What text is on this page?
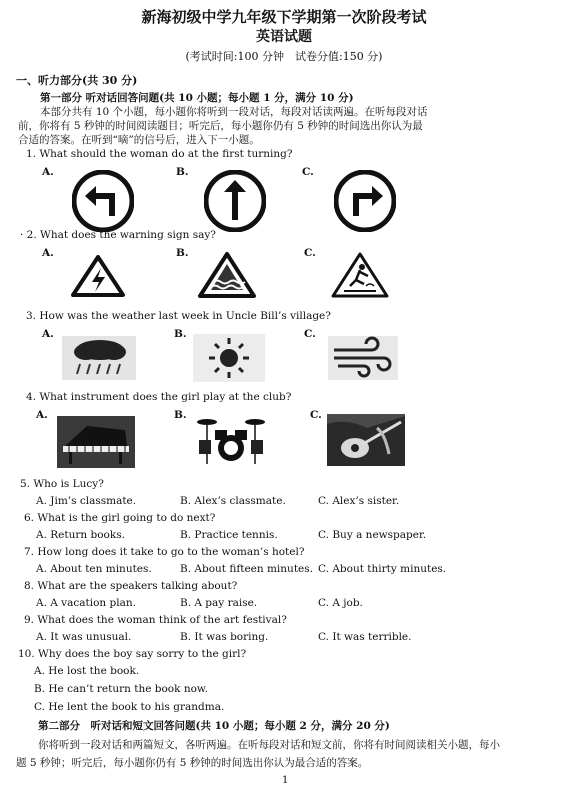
新海初级中学九年级下学期第一次阶段考试
英语试题
(考试时间:100 分钟　试卷分值:150 分)
一、听力部分(共 30 分)
第一部分 听对话回答问题(共 10 小题；每小题 1 分，满分 10 分)
本部分共有 10 个小题，每小题你将听到一段对话，每段对话读两遍。在听每段对话
前，你将有 5 秒钟的时间阅读题目；听完后，每小题你仍有 5 秒钟的时间选出你认为最
合适的答案。在听到“嘀”的信号后，进入下一小题。
1. What should the woman do at the first turning?
A.	B.	C.
· 2. What does the warning sign say?
A.	B.	C.
3. How was the weather last week in Uncle Bill’s village?
A.	B.	C.
4. What instrument does the girl play at the club?
A.	B.	C.
5. Who is Lucy?
A. Jim’s classmate.	B. Alex’s classmate.	C. Alex’s sister.
6. What is the girl going to do next?
A. Return books.	B. Practice tennis.	C. Buy a newspaper.
7. How long does it take to go to the woman’s hotel?
A. About ten minutes.	B. About fifteen minutes. C. About thirty minutes.
8. What are the speakers talking about?
A. A vacation plan.	B. A pay raise.	C. A job.
9. What does the woman think of the art festival?
A. It was unusual.	B. It was boring.	C. It was terrible.
10. Why does the boy say sorry to the girl?
A. He lost the book.
B. He can’t return the book now.
C. He lent the book to his grandma.
第二部分　听对话和短文回答问题(共 10 小题；每小题 2 分，满分 20 分)
你将听到一段对话和两篇短文，各听两遍。在听每段对话和短文前，你将有时间阅读相关小题，每小
题 5 秒钟；听完后，每小题你仍有 5 秒钟的时间选出你认为最合适的答案。
1
